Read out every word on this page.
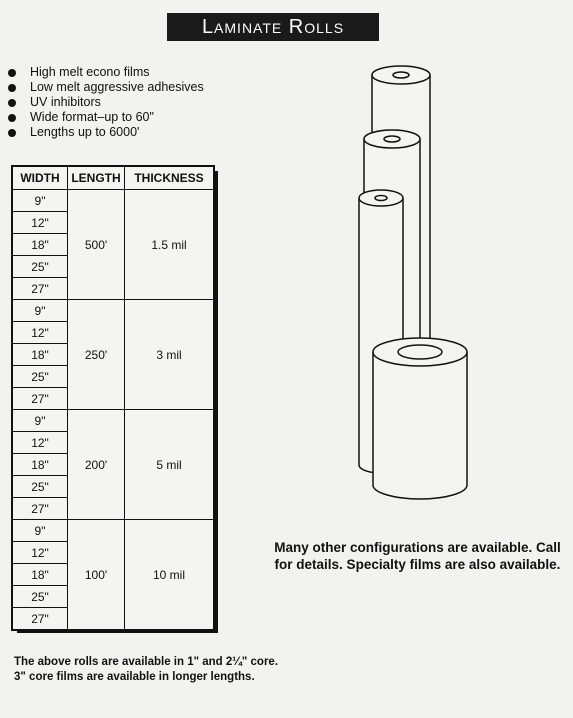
Laminate Rolls
High melt econo films
Low melt aggressive adhesives
UV inhibitors
Wide format–up to 60"
Lengths up to 6000'
WIDTH	LENGTH	THICKNESS
9"	500'	1.5 mil
12"		
18"		
25"		
27"		
9"	250'	3 mil
12"		
18"		
25"		
27"		
9"	200'	5 mil
12"		
18"		
25"		
27"		
9"	100'	10 mil
12"		
18"		
25"		
27"		
Many other configurations are available. Call for details. Specialty films are also available.
The above rolls are available in 1" and 2¼" core. 3" core films are available in longer lengths.
